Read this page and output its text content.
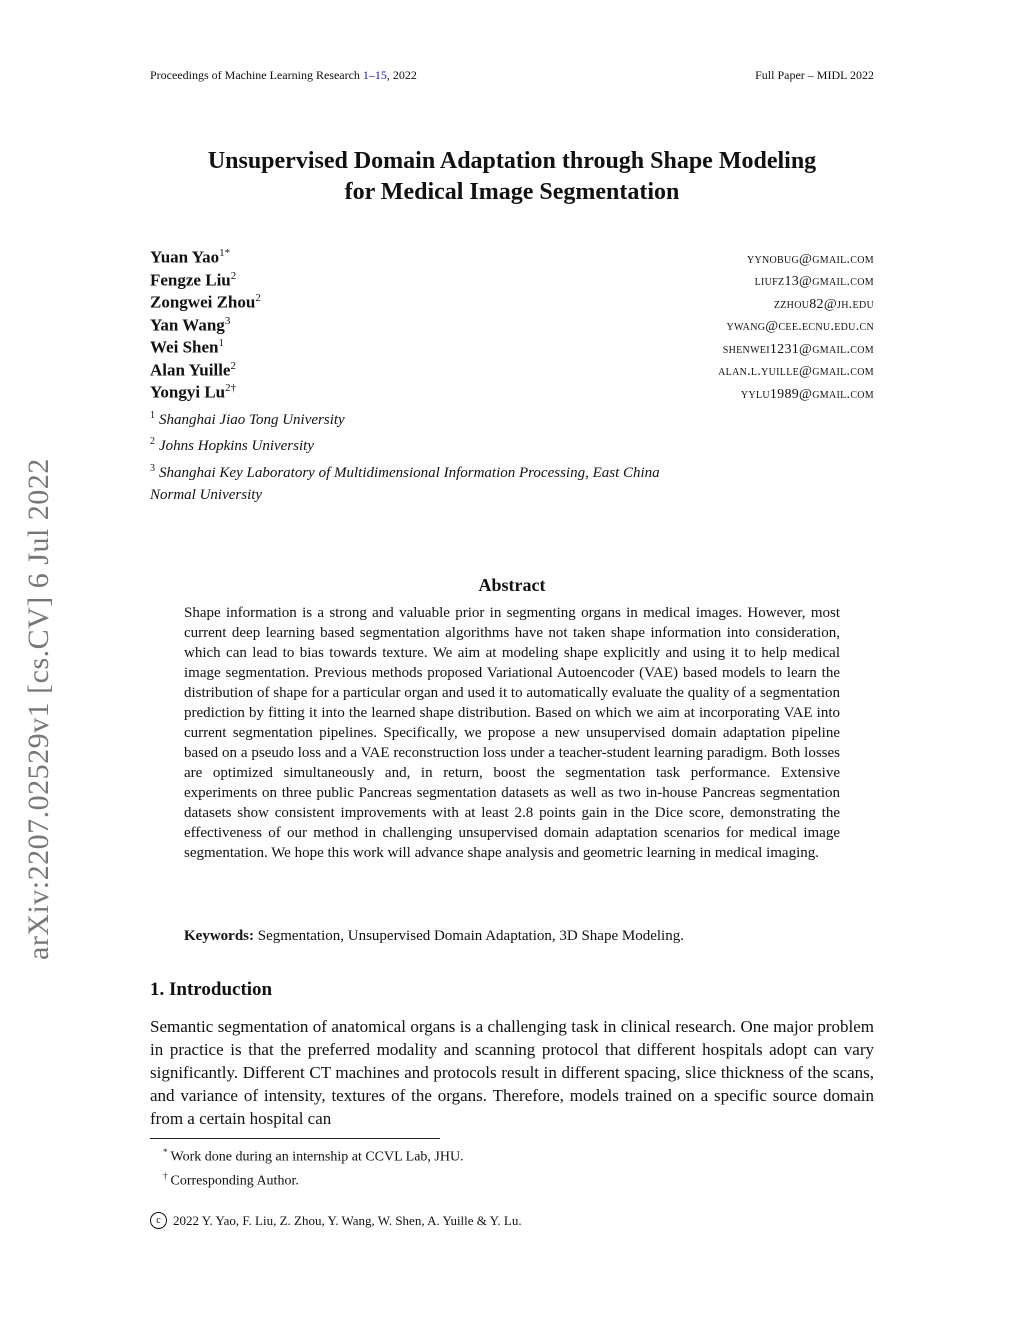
Proceedings of Machine Learning Research 1–15, 2022	Full Paper – MIDL 2022
Unsupervised Domain Adaptation through Shape Modeling
for Medical Image Segmentation
Yuan Yao$^{1*}$	yynobug@gmail.com
Fengze Liu$^2$	liufz13@gmail.com
Zongwei Zhou$^2$	zzhou82@jh.edu
Yan Wang$^3$	ywang@cee.ecnu.edu.cn
Wei Shen$^1$	shenwei1231@gmail.com
Alan Yuille$^2$	alan.l.yuille@gmail.com
Yongyi $Lu^{2\dagger}$	yylu1989@gmail.com
$^1$ Shanghai Jiao Tong University
$^2$ Johns Hopkins University
$^3$ Shanghai Key Laboratory of Multidimensional Information Processing, East China
Normal University
arXiv:2207.02529v1 [cs.CV] 6 Jul 2022	Abstract
Shape information is a strong and valuable prior in segmenting organs in medical images. However, most current deep learning based segmentation algorithms have not taken shape information into consideration, which can lead to bias towards texture. We aim at modeling shape explicitly and using it to help medical image segmentation. Previous methods proposed Variational Autoencoder (VAE) based models to learn the distribution of shape for a particular organ and used it to automatically evaluate the quality of a segmentation prediction by fitting it into the learned shape distribution. Based on which we aim at incorporating VAE into current segmentation pipelines. Specifically, we propose a new unsupervised domain adaptation pipeline based on a pseudo loss and a VAE reconstruction loss under a teacher-student learning paradigm. Both losses are optimized simultaneously and, in return, boost the segmentation task performance. Extensive experiments on three public Pancreas segmentation datasets as well as two in-house Pancreas segmentation datasets show consistent improvements with at least 2.8 points gain in the Dice score, demonstrating the effectiveness of our method in challenging unsupervised domain adaptation scenarios for medical image segmentation. We hope this work will advance shape analysis and geometric learning in medical imaging.
Keywords: Segmentation, Unsupervised Domain Adaptation, 3D Shape Modeling.
1. Introduction
Semantic segmentation of anatomical organs is a challenging task in clinical research. One major problem in practice is that the preferred modality and scanning protocol that different hospitals adopt can vary significantly. Different CT machines and protocols result in different spacing, slice thickness of the scans, and variance of intensity, textures of the organs. Therefore, models trained on a specific source domain from a certain hospital can
* Work done during an internship at CCVL Lab, JHU.
† Corresponding Author.
c 2022 Y. Yao, F. Liu, Z. Zhou, Y. Wang, W. Shen, A. Yuille & Y. Lu.
